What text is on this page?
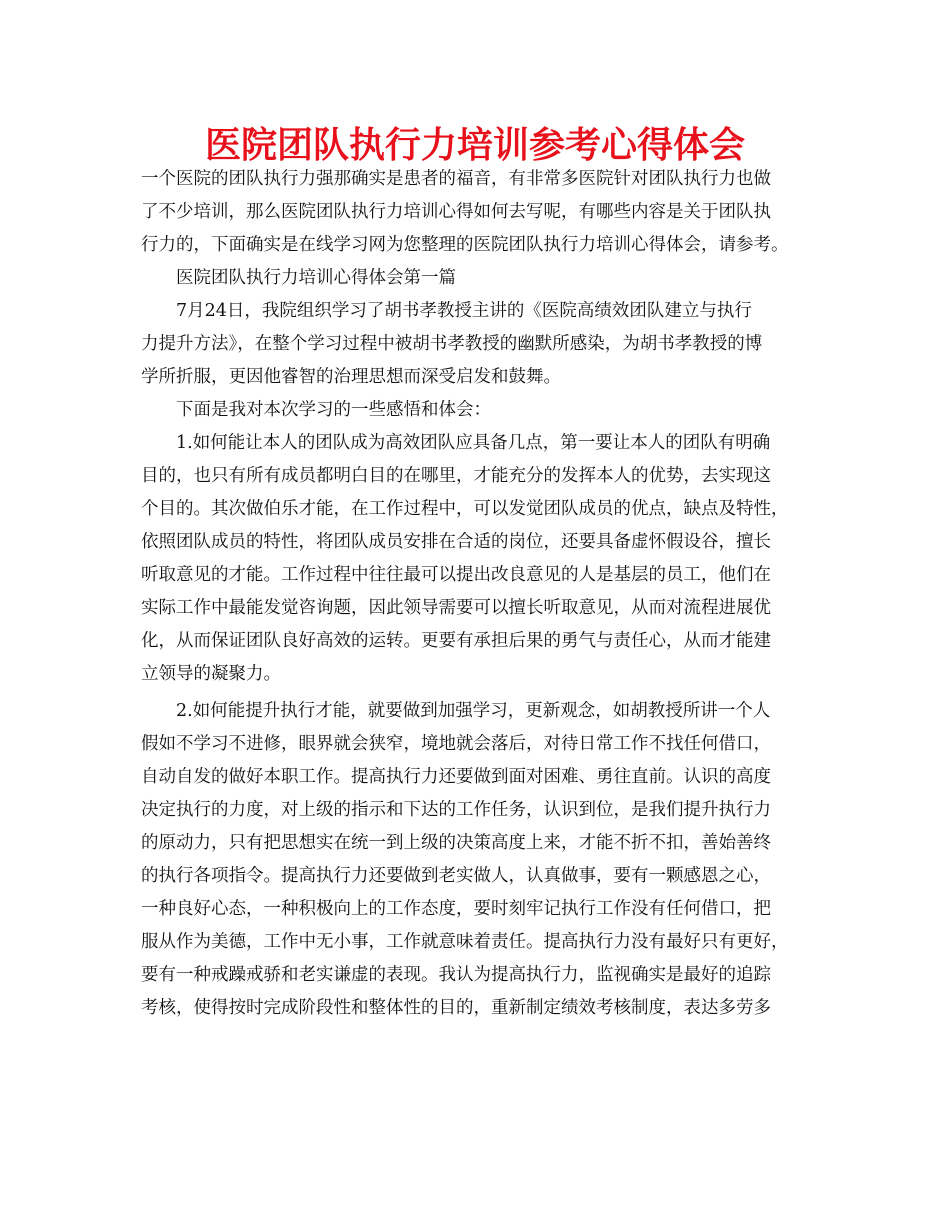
医院团队执行力培训参考心得体会
一个医院的团队执行力强那确实是患者的福音，有非常多医院针对团队执行力也做
了不少培训，那么医院团队执行力培训心得如何去写呢，有哪些内容是关于团队执
行力的，下面确实是在线学习网为您整理的医院团队执行力培训心得体会，请参考。
医院团队执行力培训心得体会第一篇
7月24日，我院组织学习了胡书孝教授主讲的《医院高绩效团队建立与执行
力提升方法》，在整个学习过程中被胡书孝教授的幽默所感染，为胡书孝教授的博
学所折服，更因他睿智的治理思想而深受启发和鼓舞。
下面是我对本次学习的一些感悟和体会：
1.如何能让本人的团队成为高效团队应具备几点，第一要让本人的团队有明确
目的，也只有所有成员都明白目的在哪里，才能充分的发挥本人的优势，去实现这
个目的。其次做伯乐才能，在工作过程中，可以发觉团队成员的优点，缺点及特性，
依照团队成员的特性，将团队成员安排在合适的岗位，还要具备虚怀假设谷，擅长
听取意见的才能。工作过程中往往最可以提出改良意见的人是基层的员工，他们在
实际工作中最能发觉咨询题，因此领导需要可以擅长听取意见，从而对流程进展优
化，从而保证团队良好高效的运转。更要有承担后果的勇气与责任心，从而才能建
立领导的凝聚力。
2.如何能提升执行才能，就要做到加强学习，更新观念，如胡教授所讲一个人
假如不学习不进修，眼界就会狭窄，境地就会落后，对待日常工作不找任何借口，
自动自发的做好本职工作。提高执行力还要做到面对困难、勇往直前。认识的高度
决定执行的力度，对上级的指示和下达的工作任务，认识到位，是我们提升执行力
的原动力，只有把思想实在统一到上级的决策高度上来，才能不折不扣，善始善终
的执行各项指令。提高执行力还要做到老实做人，认真做事，要有一颗感恩之心，
一种良好心态，一种积极向上的工作态度，要时刻牢记执行工作没有任何借口，把
服从作为美德，工作中无小事，工作就意味着责任。提高执行力没有最好只有更好，
要有一种戒躁戒骄和老实谦虚的表现。我认为提高执行力，监视确实是最好的追踪
考核，使得按时完成阶段性和整体性的目的，重新制定绩效考核制度，表达多劳多
